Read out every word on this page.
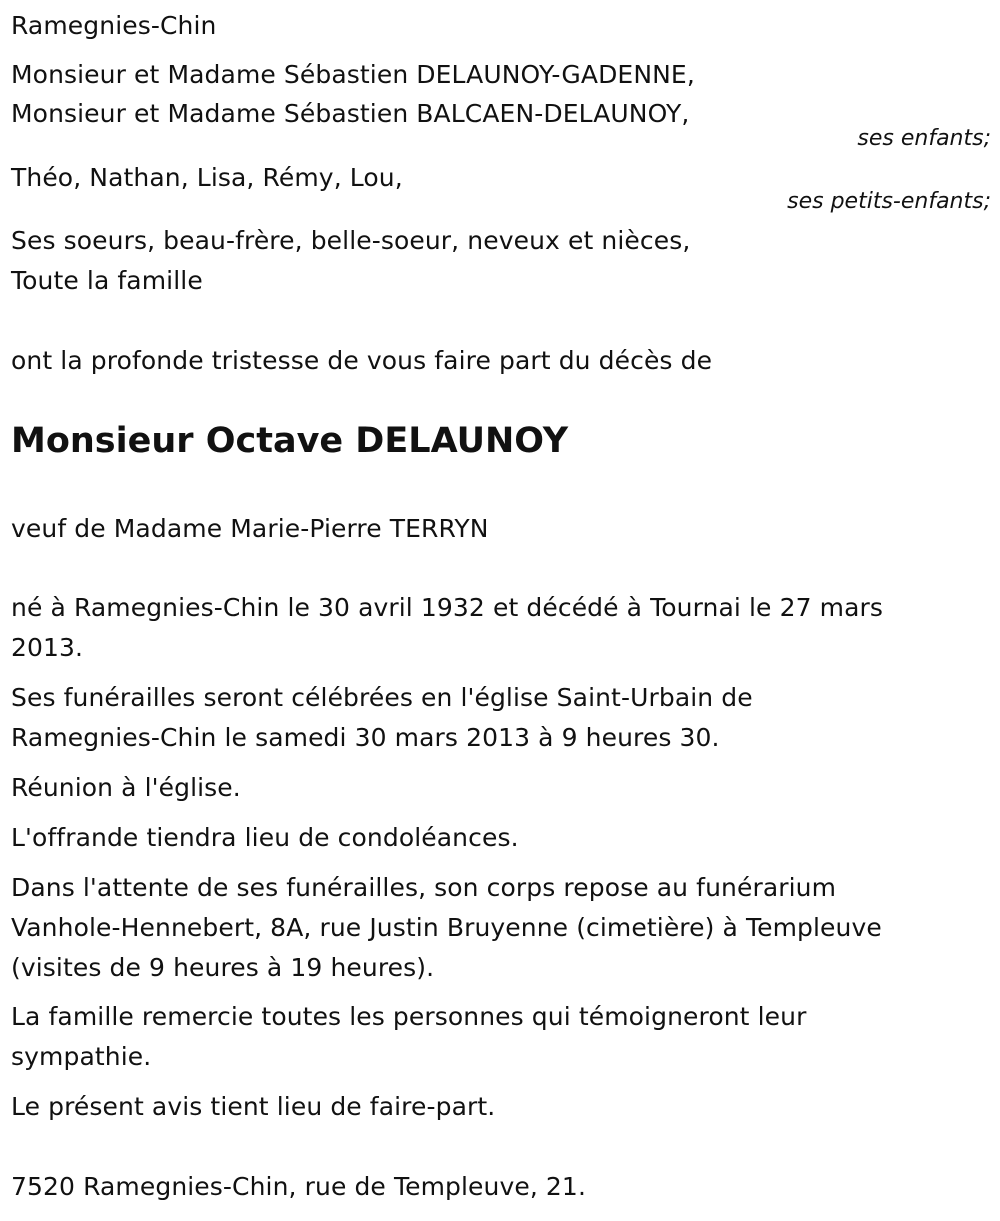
Ramegnies-Chin
Monsieur et Madame Sébastien DELAUNOY-GADENNE,
Monsieur et Madame Sébastien BALCAEN-DELAUNOY,
ses enfants;
Théo, Nathan, Lisa, Rémy, Lou,
ses petits-enfants;
Ses soeurs, beau-frère, belle-soeur, neveux et nièces,
Toute la famille
ont la profonde tristesse de vous faire part du décès de
Monsieur Octave DELAUNOY
veuf de Madame Marie-Pierre TERRYN
né à Ramegnies-Chin le 30 avril 1932 et décédé à Tournai le 27 mars
2013.
Ses funérailles seront célébrées en l'église Saint-Urbain de
Ramegnies-Chin le samedi 30 mars 2013 à 9 heures 30.
Réunion à l'église.
L'offrande tiendra lieu de condoléances.
Dans l'attente de ses funérailles, son corps repose au funérarium
Vanhole-Hennebert, 8A, rue Justin Bruyenne (cimetière) à Templeuve
(visites de 9 heures à 19 heures).
La famille remercie toutes les personnes qui témoigneront leur
sympathie.
Le présent avis tient lieu de faire-part.
7520 Ramegnies-Chin, rue de Templeuve, 21.
